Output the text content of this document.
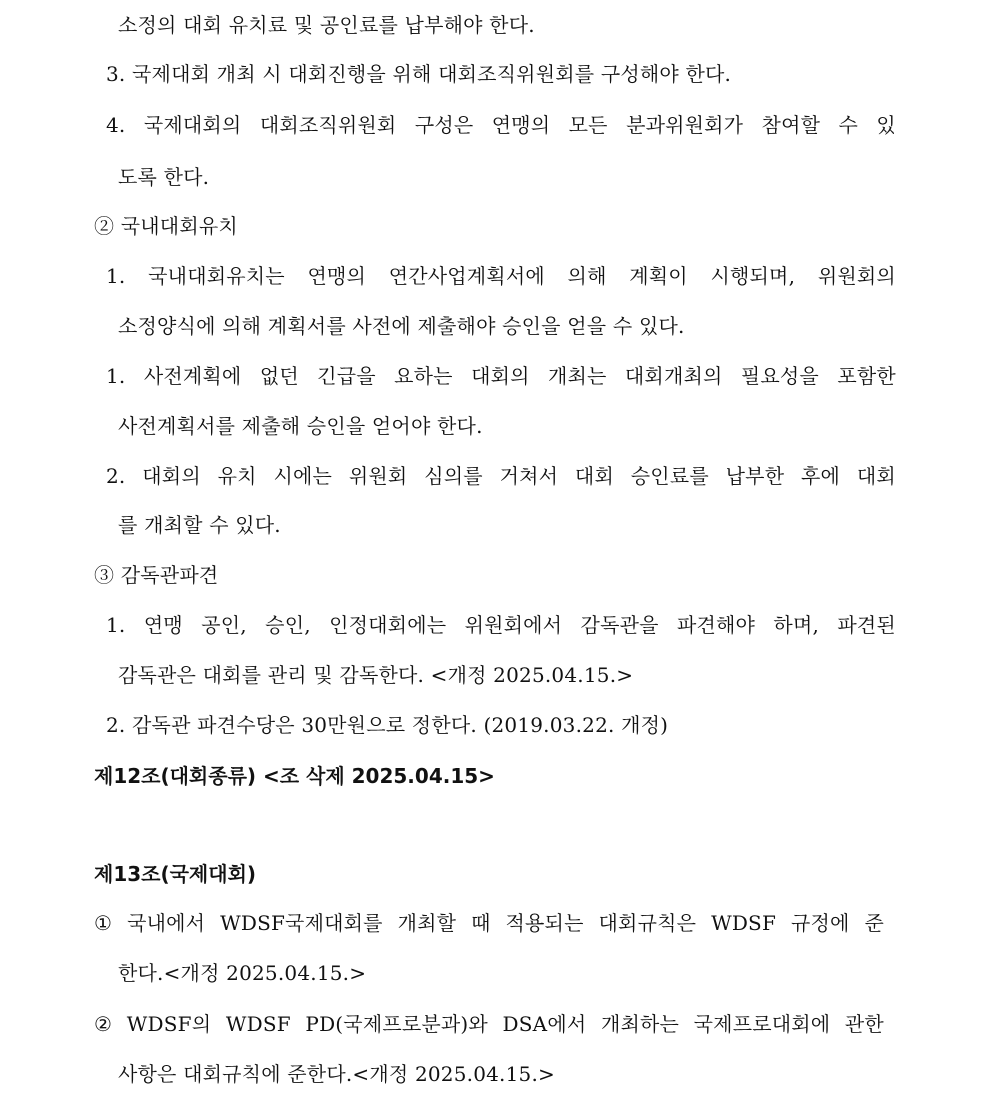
소정의 대회 유치료 및 공인료를 납부해야 한다.
3. 국제대회 개최 시 대회진행을 위해 대회조직위원회를 구성해야 한다.
4. 국제대회의 대회조직위원회 구성은 연맹의 모든 분과위원회가 참여할 수 있
도록 한다.
② 국내대회유치
1. 국내대회유치는 연맹의 연간사업계획서에 의해 계획이 시행되며, 위원회의
소정양식에 의해 계획서를 사전에 제출해야 승인을 얻을 수 있다.
1. 사전계획에 없던 긴급을 요하는 대회의 개최는 대회개최의 필요성을 포함한
사전계획서를 제출해 승인을 얻어야 한다.
2. 대회의 유치 시에는 위원회 심의를 거쳐서 대회 승인료를 납부한 후에 대회
를 개최할 수 있다.
③ 감독관파견
1. 연맹 공인, 승인, 인정대회에는 위원회에서 감독관을 파견해야 하며, 파견된
감독관은 대회를 관리 및 감독한다. <개정 2025.04.15.>
2. 감독관 파견수당은 30만원으로 정한다. (2019.03.22. 개정)
제12조(대회종류) <조 삭제 2025.04.15>
제13조(국제대회)
① 국내에서 WDSF국제대회를 개최할 때 적용되는 대회규칙은 WDSF 규정에 준
한다.<개정 2025.04.15.>
② WDSF의 WDSF PD(국제프로분과)와 DSA에서 개최하는 국제프로대회에 관한
사항은 대회규칙에 준한다.<개정 2025.04.15.>
